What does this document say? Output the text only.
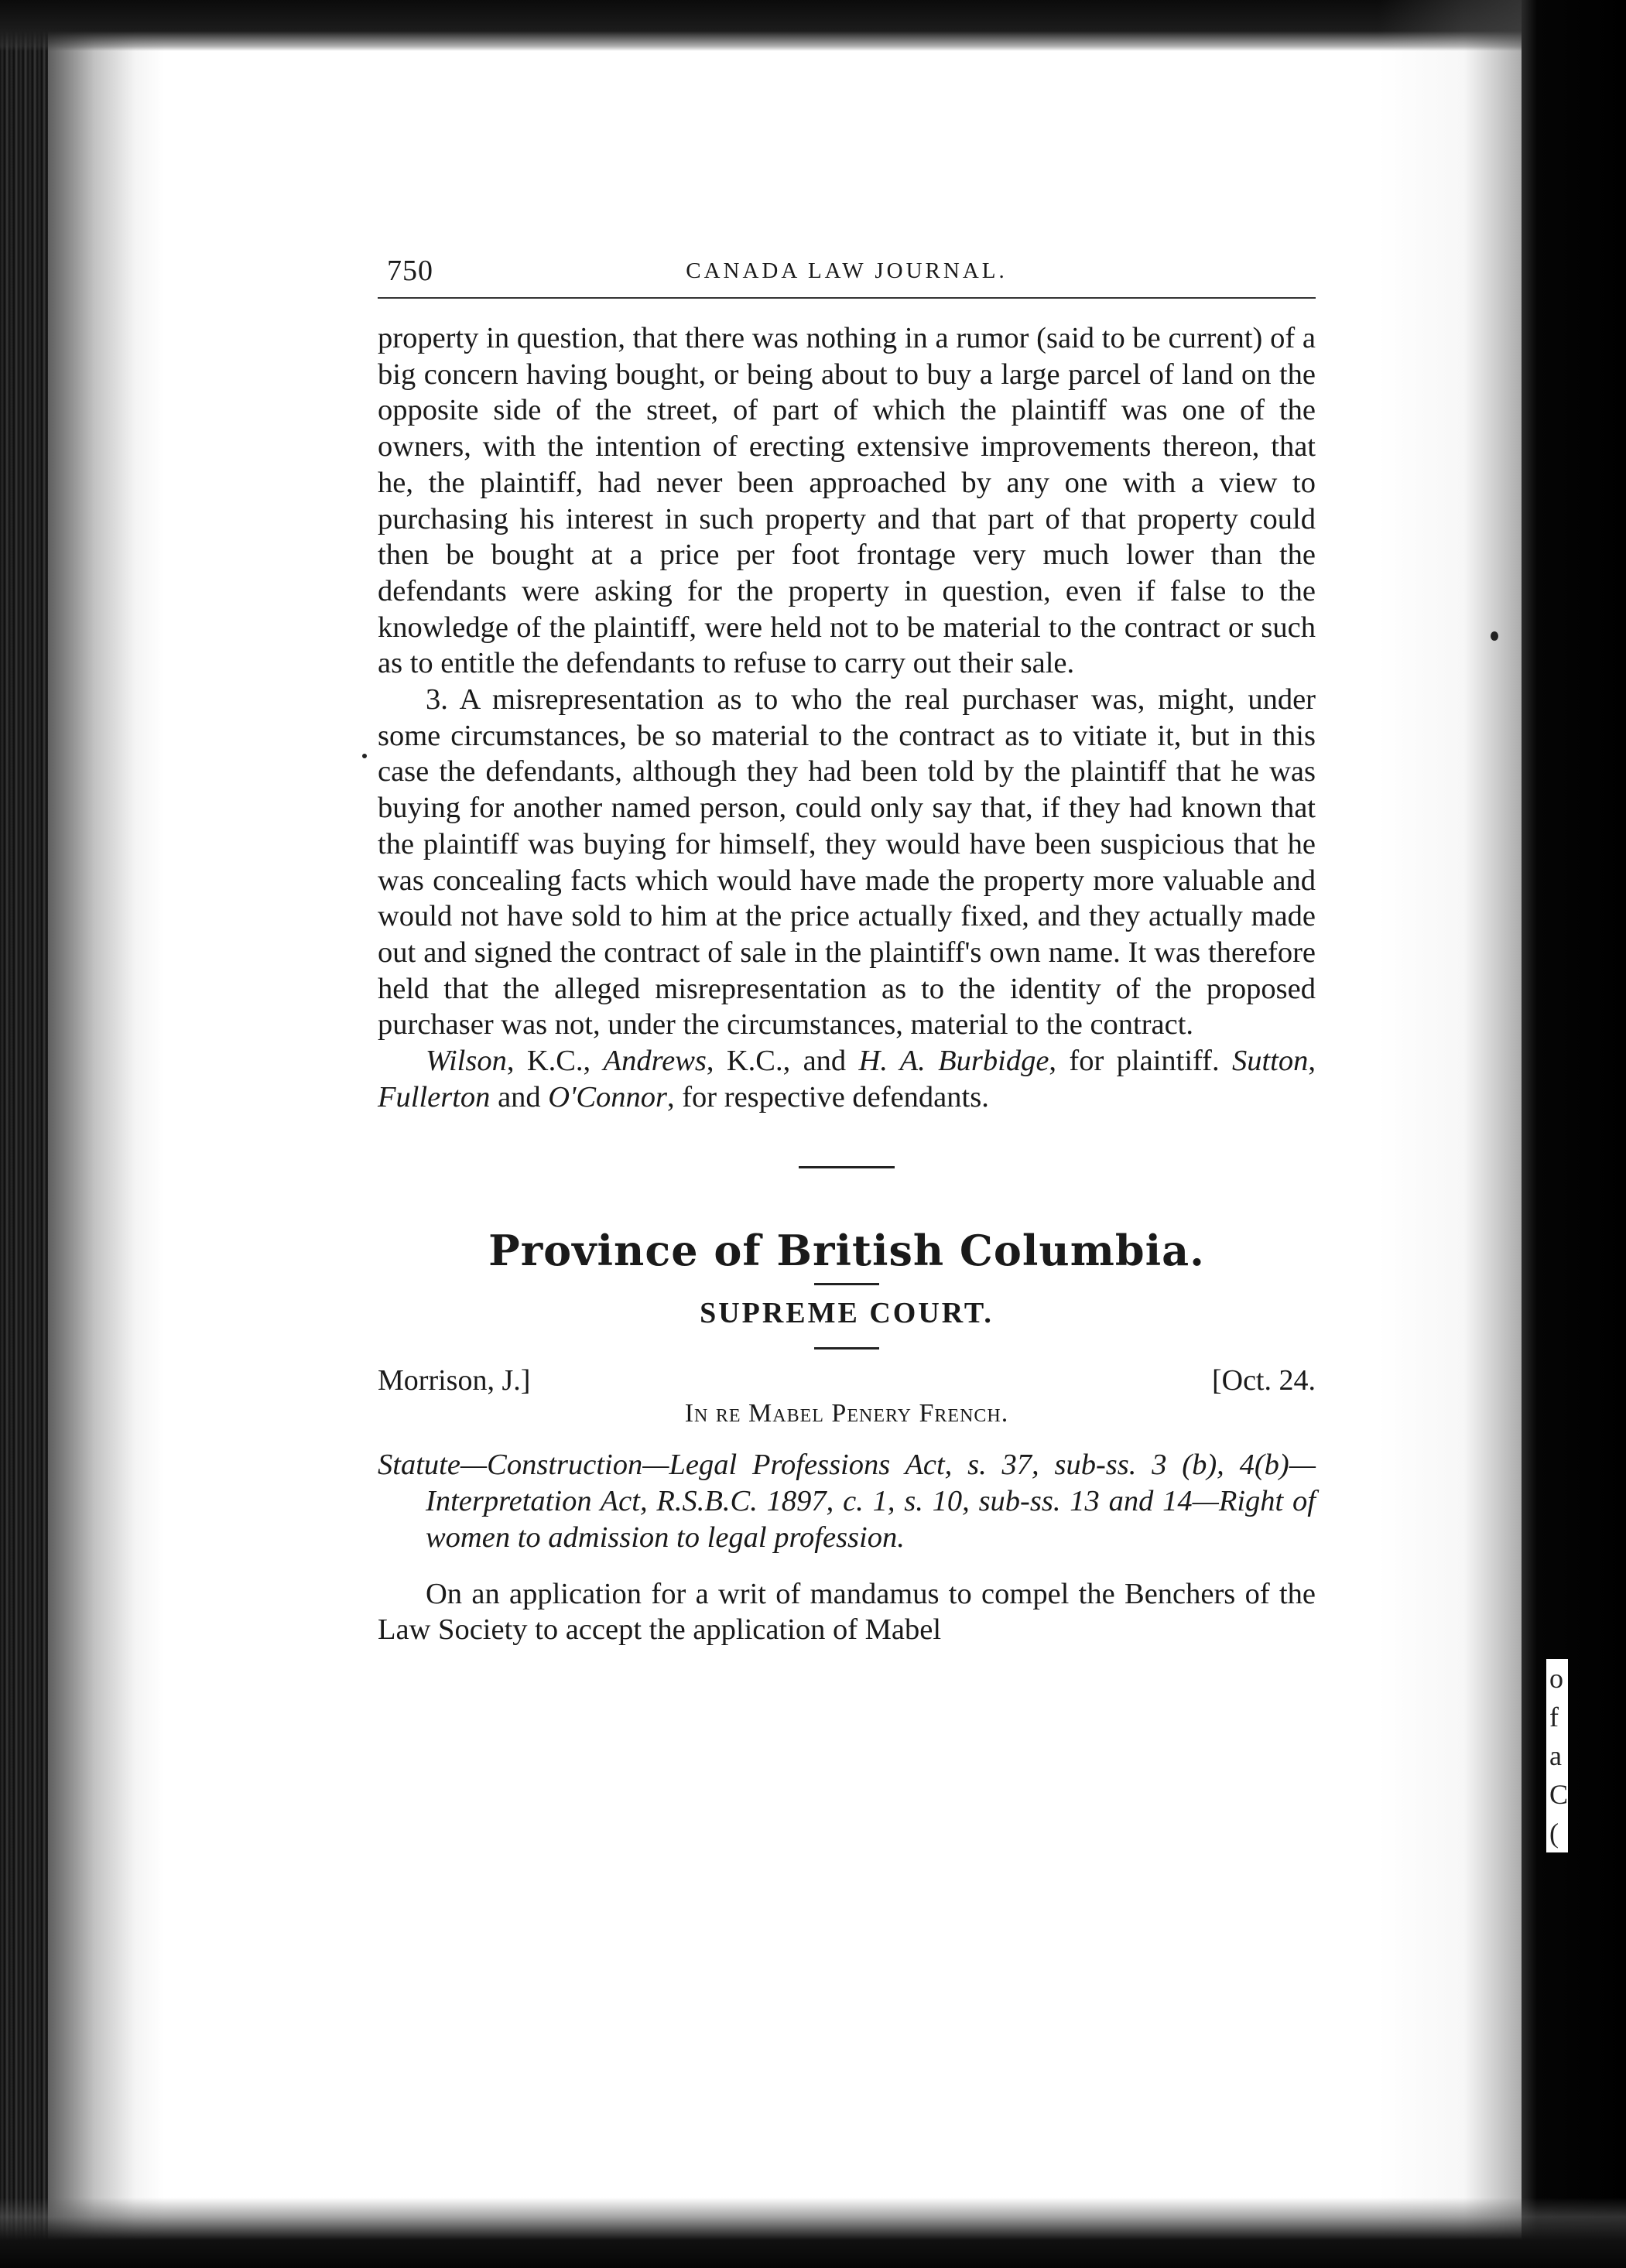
o
f
a
C
(
750	CANADA LAW JOURNAL.

property in question, that there was nothing in a rumor (said to be current) of a big concern having bought, or being about to buy a large parcel of land on the opposite side of the street, of part of which the plaintiff was one of the owners, with the intention of erecting extensive improvements thereon, that he, the plaintiff, had never been approached by any one with a view to purchasing his interest in such property and that part of that property could then be bought at a price per foot frontage very much lower than the defendants were asking for the property in question, even if false to the knowledge of the plaintiff, were held not to be material to the contract or such as to entitle the defendants to refuse to carry out their sale.

3. A misrepresentation as to who the real purchaser was, might, under some circumstances, be so material to the contract as to vitiate it, but in this case the defendants, although they had been told by the plaintiff that he was buying for another named person, could only say that, if they had known that the plaintiff was buying for himself, they would have been suspicious that he was concealing facts which would have made the property more valuable and would not have sold to him at the price actually fixed, and they actually made out and signed the contract of sale in the plaintiff's own name. It was therefore held that the alleged misrepresentation as to the identity of the proposed purchaser was not, under the circumstances, material to the contract.

Wilson, K.C., Andrews, K.C., and H. A. Burbidge, for plaintiff. Sutton, Fullerton and O'Connor, for respective defendants.

Province of British Columbia.
SUPREME COURT.
Morrison, J.]	[Oct. 24.

In re Mabel Penery French.

Statute—Construction—Legal Professions Act, s. 37, sub-ss. 3 (b), 4(b)—Interpretation Act, R.S.B.C. 1897, c. 1, s. 10, sub-ss. 13 and 14—Right of women to admission to legal profession.

On an application for a writ of mandamus to compel the Benchers of the Law Society to accept the application of Mabel
